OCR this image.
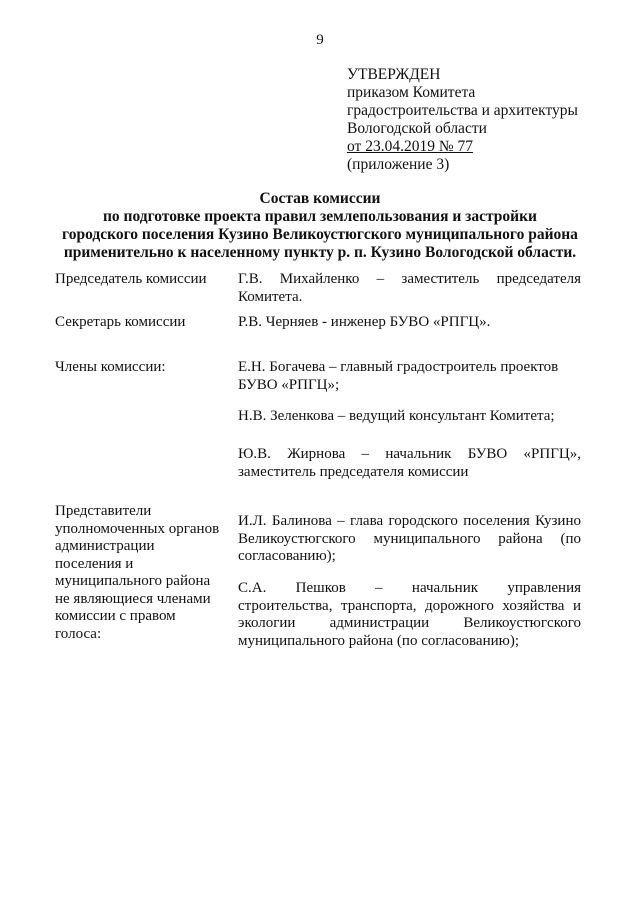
9
УТВЕРЖДЕН
приказом Комитета
градостроительства и архитектуры
Вологодской области
от 23.04.2019 № 77
(приложение 3)
Состав комиссии
по подготовке проекта правил землепользования и застройки
городского поселения Кузино Великоустюгского муниципального района
применительно к населенному пункту р. п. Кузино Вологодской области.
Председатель комиссии Г.В. Михайленко – заместитель председателя
Комитета.
Секретарь комиссии	Р.В. Черняев - инженер БУВО «РПГЦ».
Члены комиссии:	Е.Н. Богачева – главный градостроитель проектов
БУВО «РПГЦ»;
Н.В. Зеленкова – ведущий консультант Комитета;
Ю.В. Жирнова – начальник БУВО «РПГЦ»,
заместитель председателя комиссии
Представители
уполномоченных органов
администрации
поселения и
муниципального района
не являющиеся членами
комиссии с правом
голоса:
И.Л. Балинова – глава городского поселения Кузино
Великоустюгского муниципального района (по
согласованию);
С.А. Пешков – начальник управления
строительства, транспорта, дорожного хозяйства и
экологии администрации Великоустюгского
муниципального района (по согласованию);
